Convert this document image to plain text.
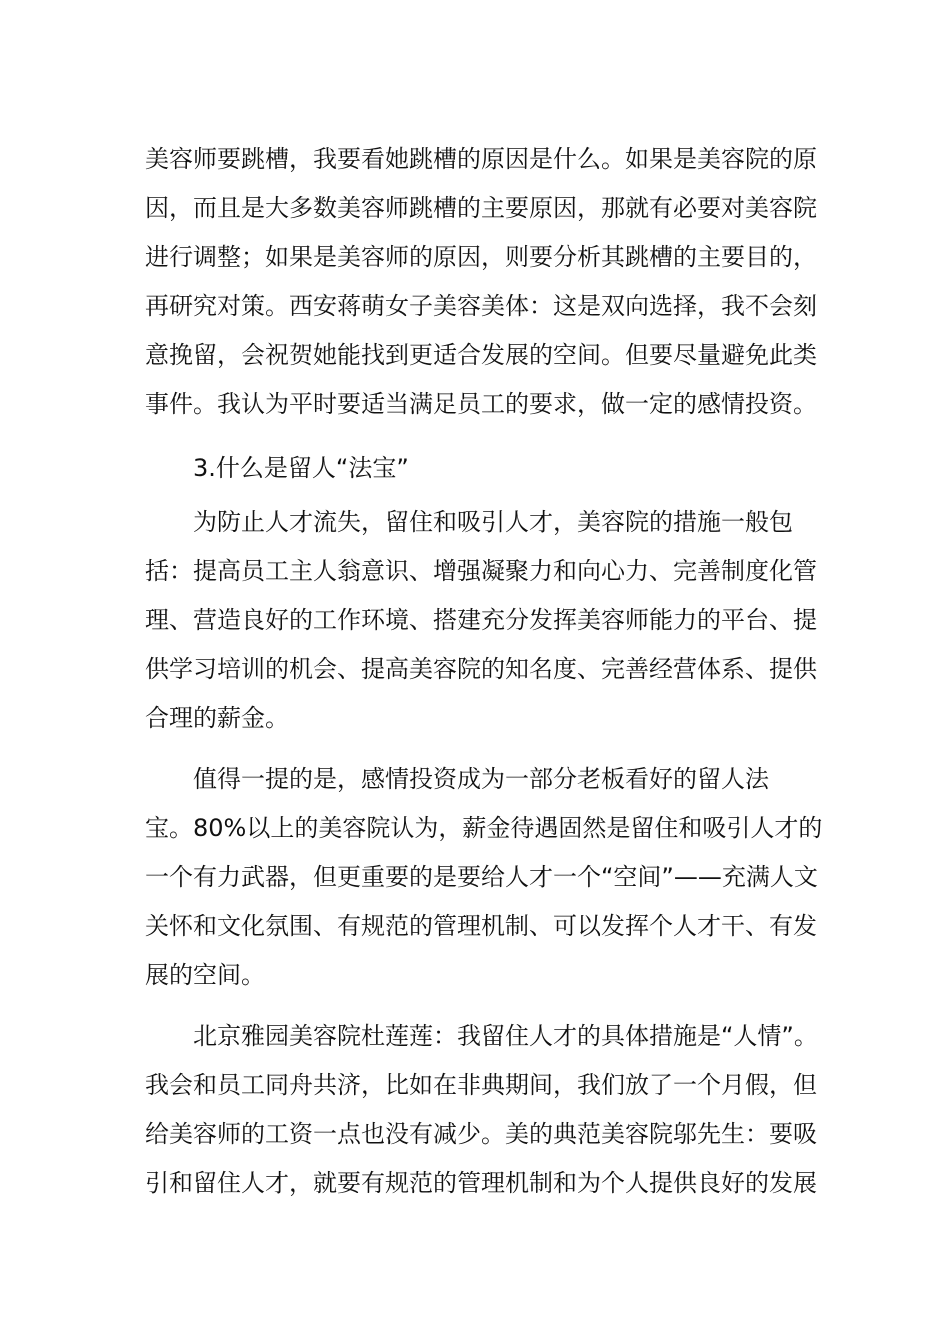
美容师要跳槽，我要看她跳槽的原因是什么。如果是美容院的原
因，而且是大多数美容师跳槽的主要原因，那就有必要对美容院
进行调整；如果是美容师的原因，则要分析其跳槽的主要目的，
再研究对策。西安蒋萌女子美容美体：这是双向选择，我不会刻
意挽留，会祝贺她能找到更适合发展的空间。但要尽量避免此类
事件。我认为平时要适当满足员工的要求，做一定的感情投资。
3.什么是留人“法宝”
为防止人才流失，留住和吸引人才，美容院的措施一般包
括：提高员工主人翁意识、增强凝聚力和向心力、完善制度化管
理、营造良好的工作环境、搭建充分发挥美容师能力的平台、提
供学习培训的机会、提高美容院的知名度、完善经营体系、提供
合理的薪金。
值得一提的是，感情投资成为一部分老板看好的留人法
宝。80%以上的美容院认为，薪金待遇固然是留住和吸引人才的
一个有力武器，但更重要的是要给人才一个“空间”——充满人文
关怀和文化氛围、有规范的管理机制、可以发挥个人才干、有发
展的空间。
北京雅园美容院杜莲莲：我留住人才的具体措施是“人情”。
我会和员工同舟共济，比如在非典期间，我们放了一个月假，但
给美容师的工资一点也没有减少。美的典范美容院邬先生：要吸
引和留住人才，就要有规范的管理机制和为个人提供良好的发展
